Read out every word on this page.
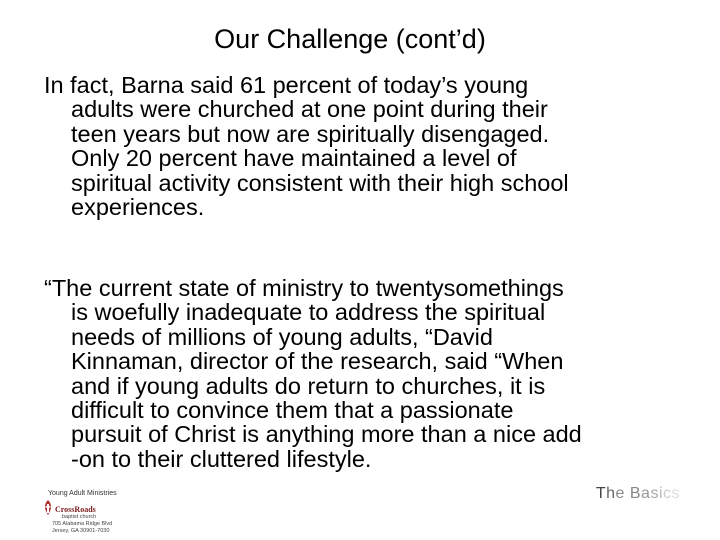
Our Challenge (cont’d)
In fact, Barna said 61 percent of today’s young
adults were churched at one point during their
teen years but now are spiritually disengaged.
Only 20 percent have maintained a level of
spiritual activity consistent with their high school
experiences.
“The current state of ministry to twentysomethings
is woefully inadequate to address the spiritual
needs of millions of young adults, “David
Kinnaman, director of the research, said “When
and if young adults do return to churches, it is
difficult to convince them that a passionate
pursuit of Christ is anything more than a nice add
-on to their cluttered lifestyle.
Young Adult Ministries
CrossRoads
baptist church
705 Alabama Ridge Blvd
Jersey, GA 30901-7030
The Basics
